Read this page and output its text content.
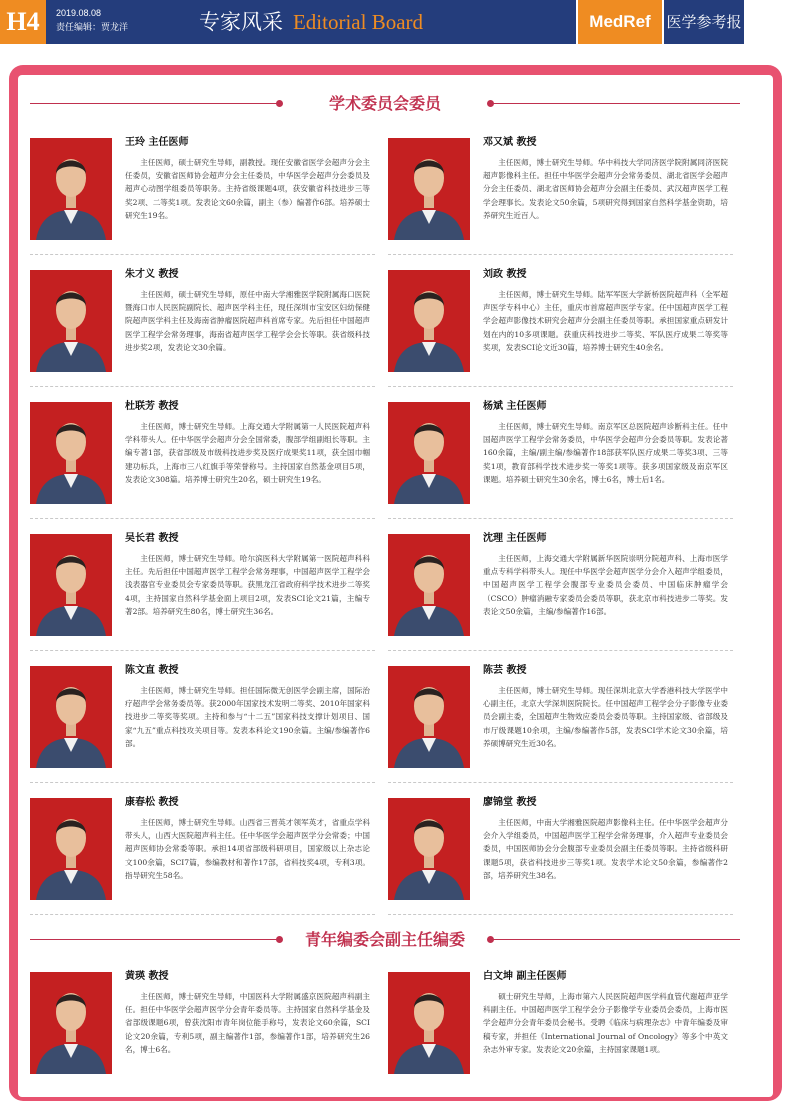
H4	2019.08.08
责任编辑：贾龙洋	专家风采 Editorial Board	MedRef	医学参考报
学术委员会委员
青年编委会副主任编委
王玲 主任医师
主任医师，硕士研究生导师，副教授。现任安徽省医学会超声分会主任委员，安徽省医师协会超声分会主任委员，中华医学会超声分会委员及超声心动图学组委员等职务。主持省级课题4项，获安徽省科技进步三等奖2项、二等奖1项。发表论文60余篇，副主（参）编著作6部。培养硕士研究生19名。
邓又斌 教授
主任医师，博士研究生导师。华中科技大学同济医学院附属同济医院超声影像科主任。担任中华医学会超声分会常务委员、湖北省医学会超声分会主任委员、湖北省医师协会超声分会副主任委员、武汉超声医学工程学会理事长。发表论文50余篇，5项研究得到国家自然科学基金资助，培养研究生近百人。
朱才义 教授
主任医师，硕士研究生导师，原任中南大学湘雅医学院附属海口医院暨海口市人民医院副院长、超声医学科主任，现任深圳市宝安区妇幼保健院超声医学科主任及海南省肿瘤医院超声科首席专家。先后担任中国超声医学工程学会常务理事，海南省超声医学工程学会会长等职。获省级科技进步奖2项，发表论文30余篇。
刘政 教授
主任医师，博士研究生导师。陆军军医大学新桥医院超声科（全军超声医学专科中心）主任，重庆市首席超声医学专家。任中国超声医学工程学会超声影像技术研究会超声分会副主任委员等职。承担国家重点研发计划在内的10多项课题。获重庆科技进步二等奖、军队医疗成果二等奖等奖项，发表SCI论文近30篇，培养博士研究生40余名。
杜联芳 教授
主任医师，博士研究生导师。上海交通大学附属第一人民医院超声科学科带头人。任中华医学会超声分会全国常委，腹部学组副组长等职。主编专著1部，获省部级及市级科技进步奖及医疗成果奖11项，获全国巾帼建功标兵，上海市三八红旗手等荣誉称号。主持国家自然基金项目5项，发表论文308篇。培养博士研究生20名，硕士研究生19名。
杨斌 主任医师
主任医师，博士研究生导师。南京军区总医院超声诊断科主任。任中国超声医学工程学会常务委员，中华医学会超声分会委员等职。发表论著160余篇，主编/副主编/参编著作18部获军队医疗成果二等奖3项、三等奖1项，教育部科学技术进步奖一等奖1项等。获多项国家级及南京军区课题。培养硕士研究生30余名，博士6名，博士后1名。
吴长君 教授
主任医师，博士研究生导师。哈尔滨医科大学附属第一医院超声科科主任。先后担任中国超声医学工程学会常务理事，中国超声医学工程学会浅表器官专业委员会专家委员等职。获黑龙江省政府科学技术进步二等奖4项，主持国家自然科学基金面上项目2项，发表SCI论文21篇，主编专著2部。培养研究生80名，博士研究生36名。
沈理 主任医师
主任医师，上海交通大学附属新华医院崇明分院超声科、上海市医学重点专科学科带头人。现任中华医学会超声医学分会介入超声学组委员，中国超声医学工程学会腹部专业委员会委员、中国临床肿瘤学会（CSCO）肿瘤消融专家委员会委员等职，获北京市科技进步二等奖。发表论文50余篇，主编/参编著作16部。
陈文直 教授
主任医师，博士研究生导师。担任国际微无创医学会副主席，国际治疗超声学会常务委员等。获2000年国家技术发明二等奖、2010年国家科技进步二等奖等奖项。主持和参与“十二五”国家科技支撑计划项目、国家“九五”重点科技攻关项目等。发表本科论文190余篇。主编/参编著作6部。
陈芸 教授
主任医师，博士研究生导师。现任深圳北京大学香港科技大学医学中心副主任，北京大学深圳医院院长。任中国超声工程学会分子影像专业委员会副主委，全国超声生物效应委员会委员等职。主持国家级、省部级及市厅级课题10余项，主编/参编著作5部，发表SCI学术论文30余篇，培养硕博研究生近30名。
康春松 教授
主任医师，博士研究生导师。山西省三晋英才领军英才，省重点学科带头人，山西大医院超声科主任。任中华医学会超声医学分会常委；中国超声医师协会常委等职。承担14项省部级科研项目，国家级以上杂志论文100余篇，SCI7篇，参编教材和著作17部，省科技奖4项，专利3项。指导研究生58名。
廖锦堂 教授
主任医师，中南大学湘雅医院超声影像科主任。任中华医学会超声分会介入学组委员，中国超声医学工程学会常务理事，介入超声专业委员会委员，中国医师协会分会腹部专业委员会副主任委员等职。主持省级科研课题5项，获省科技进步三等奖1项。发表学术论文50余篇，参编著作2部，培养研究生38名。
黄瑛 教授
主任医师，博士研究生导师，中国医科大学附属盛京医院超声科副主任。担任中华医学会超声医学分会青年委员等。主持国家自然科学基金及省部级课题6项，曾获沈阳市青年岗位能手称号，发表论文60余篇，SCI论文20余篇，专利5项，副主编著作1部，参编著作1部，培养研究生26名，博士6名。
白文坤 副主任医师
硕士研究生导师，上海市第六人民医院超声医学科血管代谢超声亚学科副主任。中国超声医学工程学会分子影像学专业委员会委员，上海市医学会超声分会青年委员会秘书。受聘《临床与病理杂志》中青年编委及审稿专家，并担任《International Journal of Oncology》等多个中英文杂志外审专家。发表论文20余篇，主持国家课题1项。
